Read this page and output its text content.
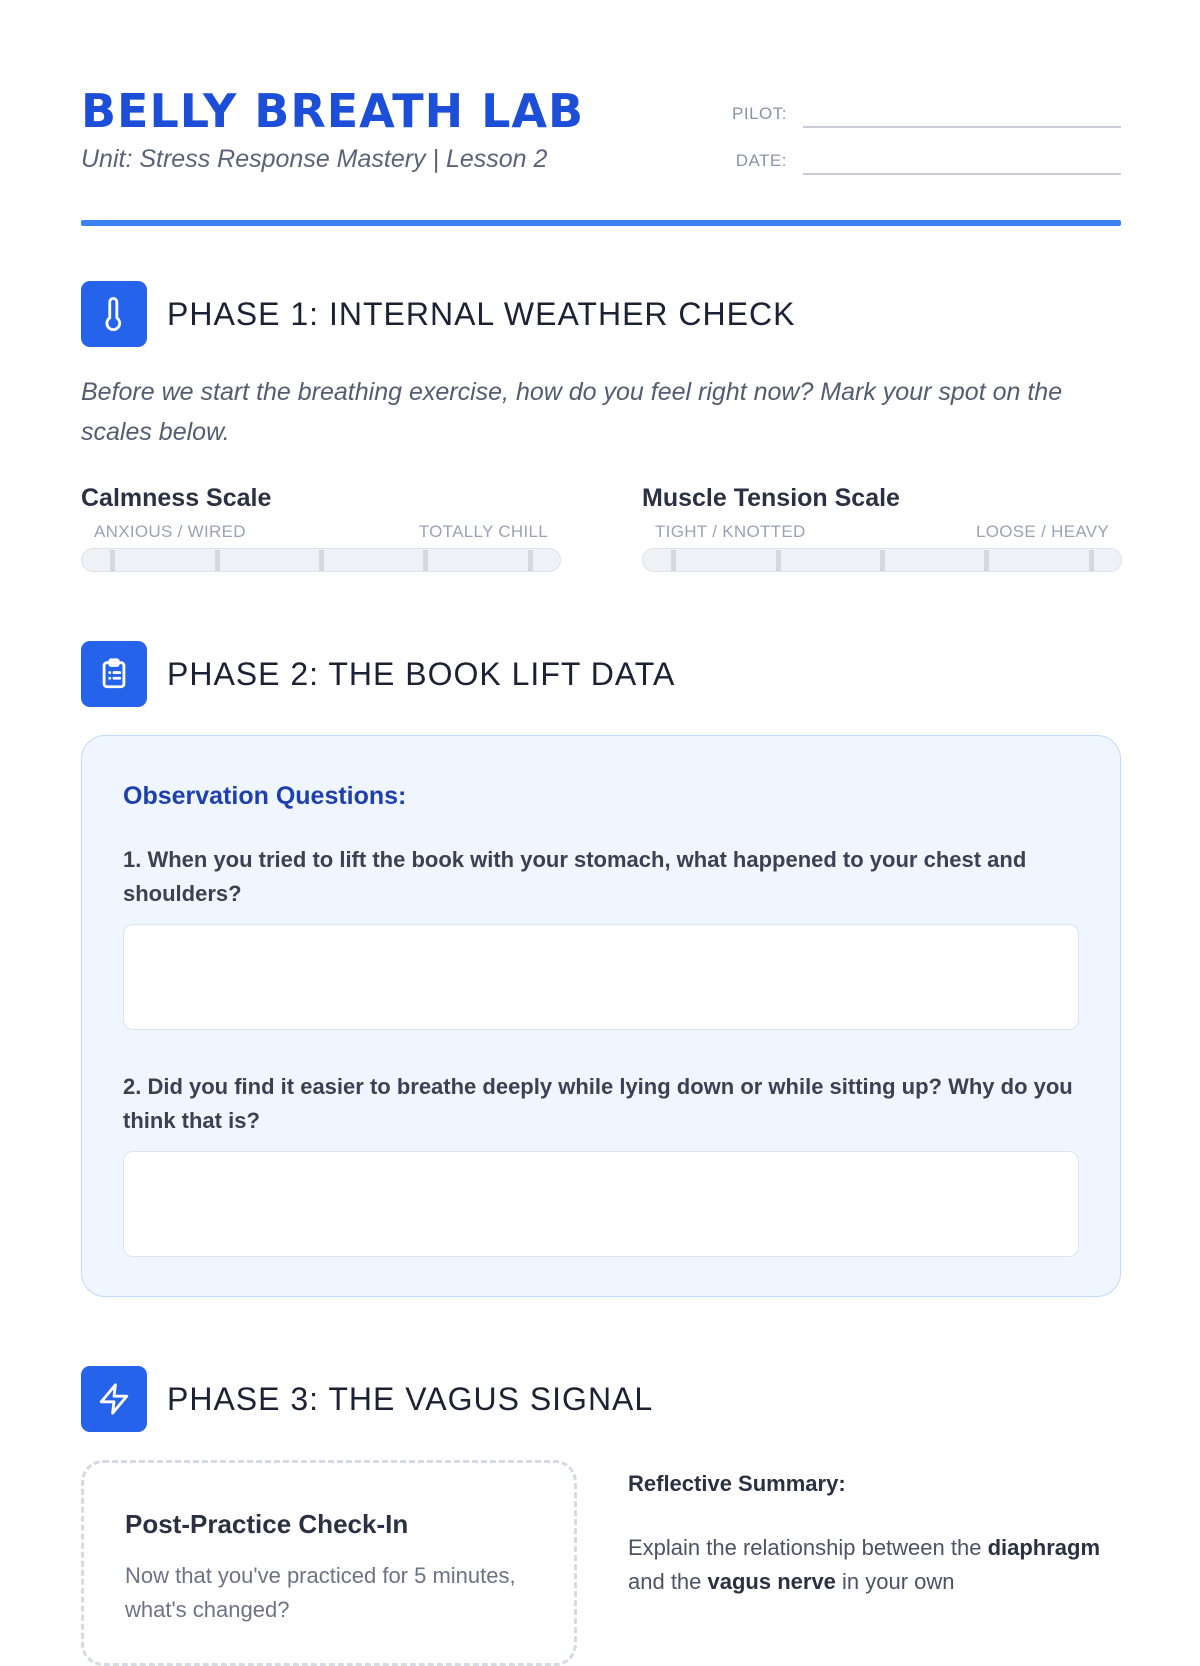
BELLY BREATH LAB
Unit: Stress Response Mastery | Lesson 2
PILOT:
DATE:
PHASE 1: INTERNAL WEATHER CHECK

Before we start the breathing exercise, how do you feel right now? Mark your spot on the scales below.

Calmness Scale
ANXIOUS / WIRED	TOTALLY CHILL
Muscle Tension Scale
TIGHT / KNOTTED	LOOSE / HEAVY
PHASE 2: THE BOOK LIFT DATA
Observation Questions:

1. When you tried to lift the book with your stomach, what happened to your chest and shoulders?

2. Did you find it easier to breathe deeply while lying down or while sitting up? Why do you think that is?

PHASE 3: THE VAGUS SIGNAL
Post-Practice Check-In

Now that you've practiced for 5 minutes, what's changed?

Reflective Summary:

Explain the relationship between the diaphragm and the vagus nerve in your own
